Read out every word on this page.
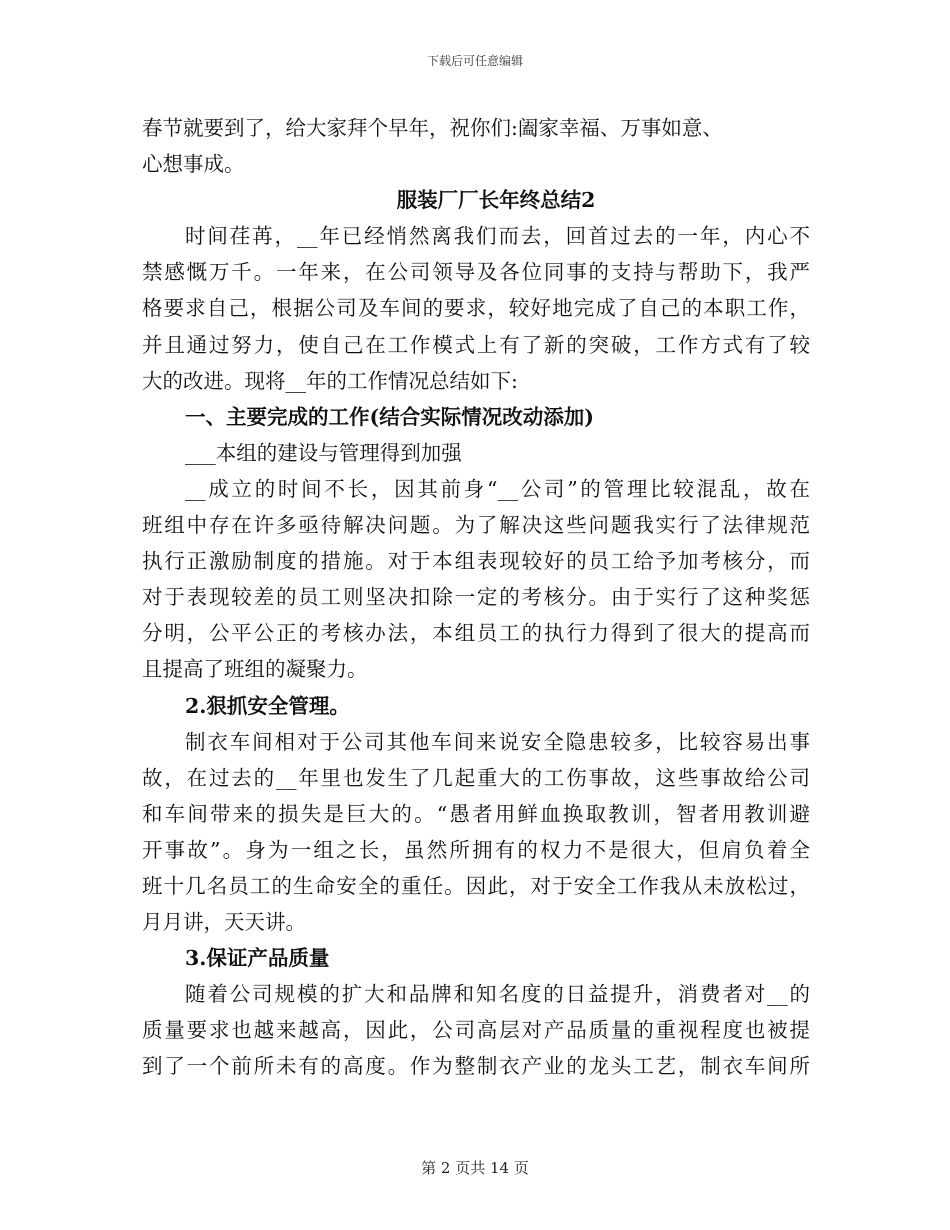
下载后可任意编辑
春节就要到了，给大家拜个早年，祝你们:阖家幸福、万事如意、
心想事成。
服装厂厂长年终总结2
时间荏苒，__年已经悄然离我们而去，回首过去的一年，内心不
禁感慨万千。一年来，在公司领导及各位同事的支持与帮助下，我严
格要求自己，根据公司及车间的要求，较好地完成了自己的本职工作，
并且通过努力，使自己在工作模式上有了新的突破，工作方式有了较
大的改进。现将__年的工作情况总结如下:
一、主要完成的工作(结合实际情况改动添加)
___本组的建设与管理得到加强
__成立的时间不长，因其前身“__公司”的管理比较混乱，故在
班组中存在许多亟待解决问题。为了解决这些问题我实行了法律规范
执行正激励制度的措施。对于本组表现较好的员工给予加考核分，而
对于表现较差的员工则坚决扣除一定的考核分。由于实行了这种奖惩
分明，公平公正的考核办法，本组员工的执行力得到了很大的提高而
且提高了班组的凝聚力。
2.狠抓安全管理。
制衣车间相对于公司其他车间来说安全隐患较多，比较容易出事
故，在过去的__年里也发生了几起重大的工伤事故，这些事故给公司
和车间带来的损失是巨大的。“愚者用鲜血换取教训，智者用教训避
开事故”。身为一组之长，虽然所拥有的权力不是很大，但肩负着全
班十几名员工的生命安全的重任。因此，对于安全工作我从未放松过，
月月讲，天天讲。
3.保证产品质量
随着公司规模的扩大和品牌和知名度的日益提升，消费者对__的
质量要求也越来越高，因此，公司高层对产品质量的重视程度也被提
到了一个前所未有的高度。作为整制衣产业的龙头工艺，制衣车间所
第 2 页共 14 页
